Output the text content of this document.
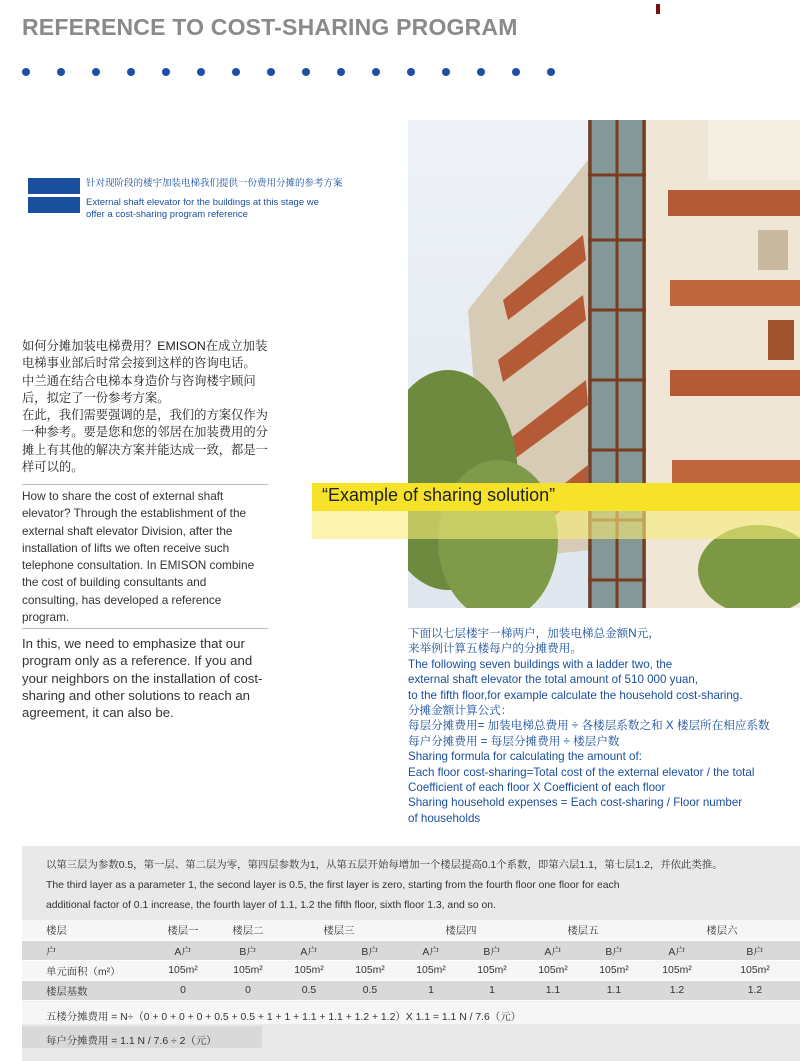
REFERENCE TO COST-SHARING PROGRAM
针对现阶段的楼宇加装电梯我们提供一份费用分摊的参考方案
External shaft elevator for the buildings at this stage we
offer a cost-sharing program reference
“Example of sharing solution”

如何分摊加装电梯费用？EMISON在成立加装

电梯事业部后时常会接到这样的咨询电话。

中兰通在结合电梯本身造价与咨询楼宇顾问

后，拟定了一份参考方案。

在此，我们需要强调的是，我们的方案仅作为

一种参考。要是您和您的邻居在加装费用的分

摊上有其他的解决方案并能达成一致，都是一

样可以的。

How to share the cost of external shaft elevator? Through the establishment of the external shaft elevator Division, after the installation of lifts we often receive such telephone consultation. In EMISON combine the cost of building consultants and consulting, has developed a reference program.
In this, we need to emphasize that our program only as a reference. If you and your neighbors on the installation of cost-sharing and other solutions to reach an agreement, it can also be.

下面以七层楼宇一梯两户，加装电梯总金额N元，

来举例计算五楼每户的分摊费用。

The following seven buildings with a ladder two, the

external shaft elevator the total amount of 510 000 yuan,

to the fifth floor,for example calculate the household cost-sharing.

分摊金额计算公式：

每层分摊费用= 加装电梯总费用 ÷ 各楼层系数之和 X 楼层所在相应系数

每户分摊费用 = 每层分摊费用 ÷ 楼层户数

Sharing formula for calculating the amount of:

Each floor cost-sharing=Total cost of the external elevator / the total

Coefficient of each floor X Coefficient of each floor

Sharing household expenses = Each cost-sharing / Floor number

of households

以第三层为参数0.5，第一层、第二层为零，第四层参数为1，从第五层开始每增加一个楼层提高0.1个系数，即第六层1.1，第七层1.2，并依此类推。
The third layer as a parameter 1, the second layer is 0.5, the first layer is zero, starting from the fourth floor one floor for each
additional factor of 0.1 increase, the fourth layer of 1.1, 1.2 the fifth floor, sixth floor 1.3, and so on.
楼层	楼层一	楼层二	楼层三		楼层四		楼层五		楼层六	
户	A户	B户	A户	B户	A户	B户	A户	B户	A户	B户
单元面积（m²）	105m²	105m²	105m²	105m²	105m²	105m²	105m²	105m²	105m²	105m²
楼层基数	0	0	0.5	0.5	1	1	1.1	1.1	1.2	1.2
五楼分摊费用 = N÷（0 + 0 + 0 + 0 + 0.5 + 0.5 + 1 + 1 + 1.1 + 1.1 + 1.2 + 1.2）X 1.1 = 1.1 N / 7.6（元）
每户分摊费用 = 1.1 N / 7.6 ÷ 2（元）
